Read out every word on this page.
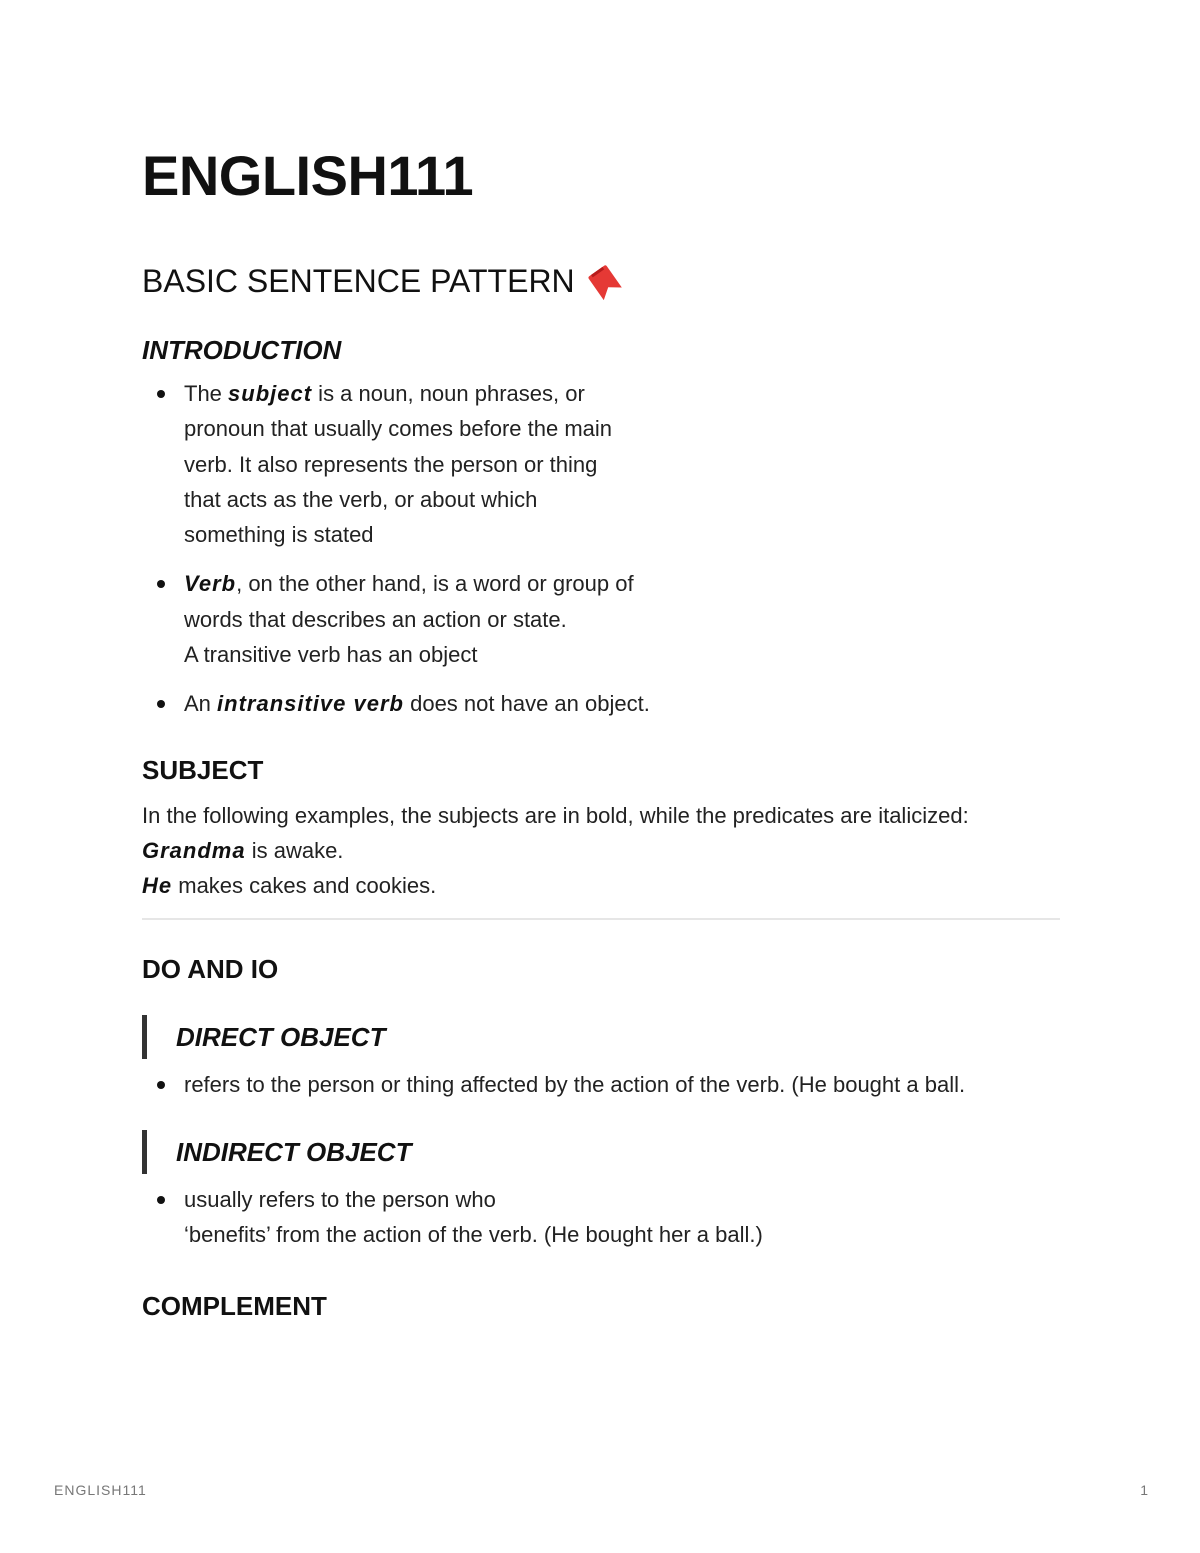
ENGLISH111
BASIC SENTENCE PATTERN
INTRODUCTION
The subject is a noun, noun phrases, or
pronoun that usually comes before the main
verb. It also represents the person or thing
that acts as the verb, or about which
something is stated
Verb, on the other hand, is a word or group of
words that describes an action or state.
A transitive verb has an object
An intransitive verb does not have an object.
SUBJECT
In the following examples, the subjects are in bold, while the predicates are italicized:
Grandma is awake.
He makes cakes and cookies.
DO AND IO
DIRECT OBJECT
refers to the person or thing affected by the action of the verb. (He bought a ball.
INDIRECT OBJECT
usually refers to the person who
‘benefits’ from the action of the verb. (He bought her a ball.)
COMPLEMENT
ENGLISH111	1
